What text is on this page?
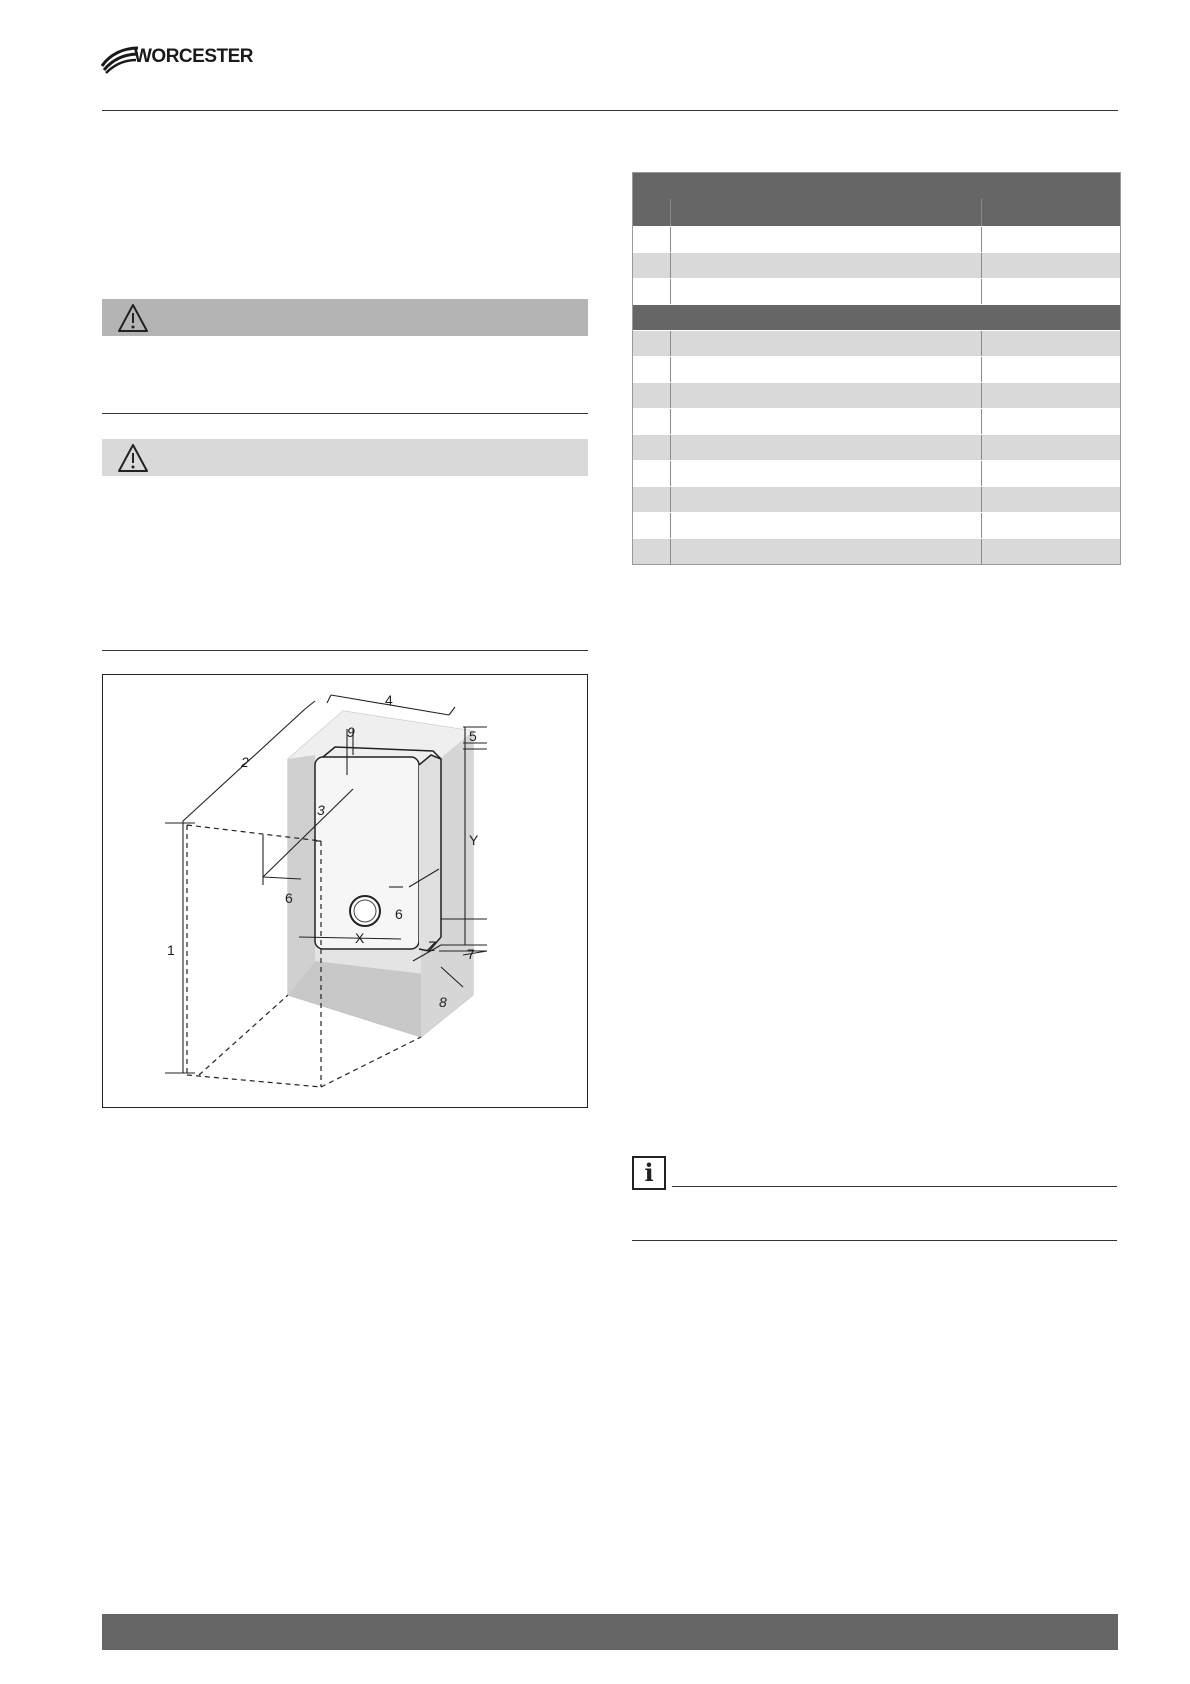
WORCESTER
1
2
3
4
5
6
6
7
8
9
X
Y
Z
i
